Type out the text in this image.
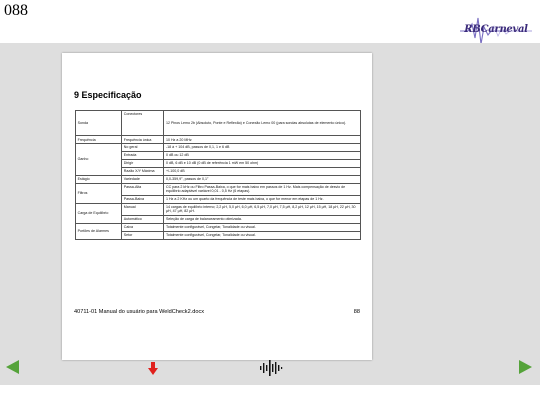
088
RBCarneval
9 Especificação
Sonda	Conectores	12 Pinos Lemo 2b (Absoluto, Ponte e Reflexão) e Conexão Lemo 00 (para sondas absolutas de elemento único).
Frequência	Frequência única	10 Hz a 20 MHz
Ganho	No geral	-18 à + 104 dB, passos de 0,1, 1 e 6 dB
	Entrada	0 dB ou 12 dB
	Dirigir	0 dB, 6 dB e 10 dB (0 dB de referência 1 mW em 50 ohm)
	Razão X/Y Máxima	+/-100,0 dB
Estágio	Variedade	0,0-359,9°, passos de 0,1°
Filtros	Passa-Alta	CC para 2 kHz ou Filtro Passa-Baixa, o que for mais baixo em passos de 1 Hz. Mais compensação de desvio de equilíbrio adaptável variável 0,01 - 0,5 Hz (6 etapas).
	Passa-Baixa	1 Hz a 2 KHz ou um quarto da frequência de teste mais baixa, o que for menor em etapas de 1 Hz.
Carga de Equilíbrio	Manual	14 cargas de equilíbrio interno; 2,2 µH, 5,0 µH, 6,0 µH, 6,5 µH, 7,0 µH, 7,5 µH, 8,2 µH, 12 µH, 15 µH, 18 µH, 22 µH, 30 µH, 47 µH, 82 µH.
	Automático	Seleção de carga de balanceamento otimizada.
Portões de Alarmes	Caixa	Totalmente configurável, Congelar, Tonalidade ou visual.
	Setor	Totalmente configurável, Congelar, Tonalidade ou visual.
40711-01 Manual do usuário para WeldCheck2.docx	88
